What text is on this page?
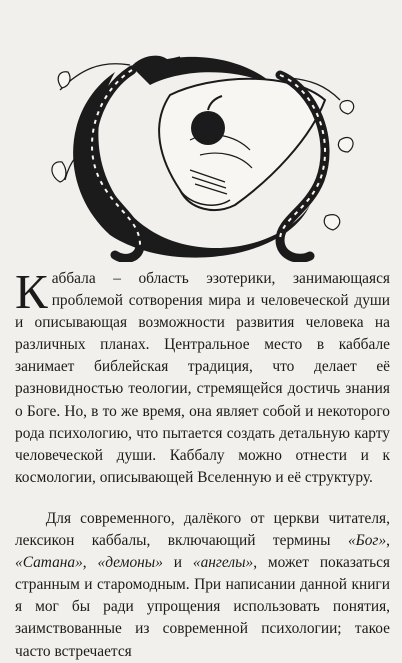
Каббала – область эзотерики, занимающаяся проблемой сотворения мира и человеческой души и описывающая возможности развития человека на различных планах. Центральное место в каббале занимает библейская традиция, что делает её разновидностью теологии, стремящейся достичь знания о Боге. Но, в то же время, она являет собой и некоторого рода психологию, что пытается создать детальную карту человеческой души. Каббалу можно отнести и к космологии, описывающей Вселенную и её структуру.

Для современного, далёкого от церкви читателя, лексикон каббалы, включающий термины «Бог», «Сатана», «демоны» и «ангелы», может показаться странным и старомодным. При написании данной книги я мог бы ради упрощения использовать понятия, заимствованные из современной психологии; такое часто встречается
